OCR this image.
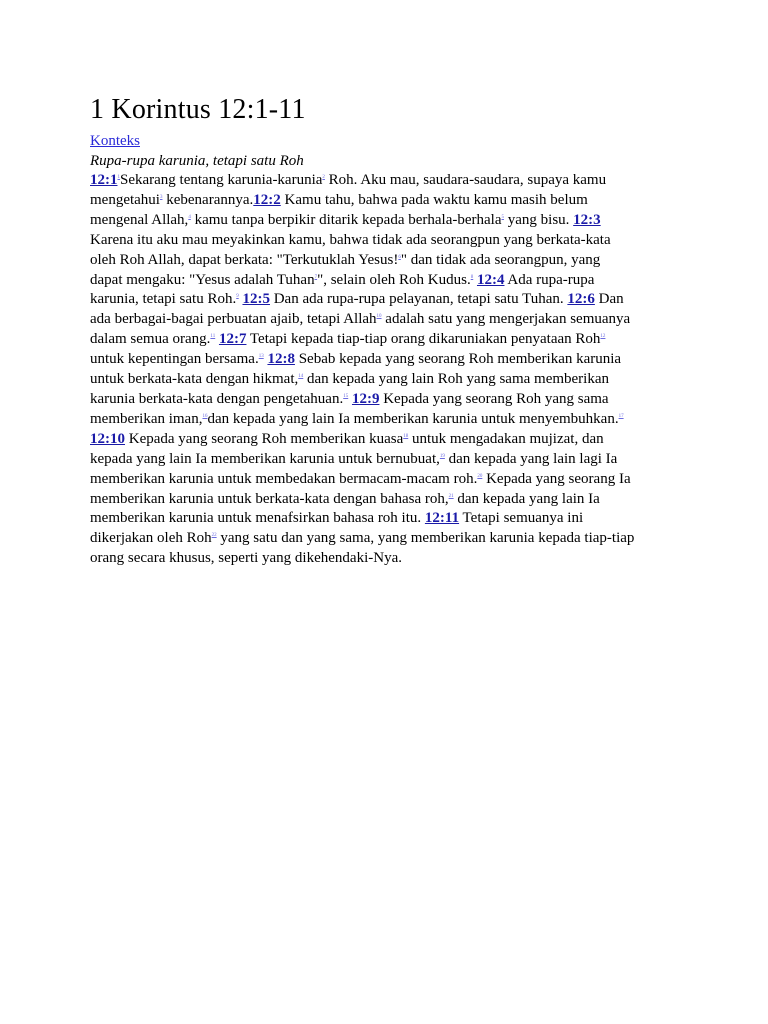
1 Korintus 12:1-11
Konteks
Rupa-rupa karunia, tetapi satu Roh

12:1$^1$Sekarang tentang karunia-karunia$^2$ Roh. Aku mau, saudara-saudara, supaya kamu mengetahui$^3$ kebenarannya.12:2 Kamu tahu, bahwa pada waktu kamu masih belum mengenal Allah,$^4$ kamu tanpa berpikir ditarik kepada berhala-berhala$^5$ yang bisu. 12:3 Karena itu aku mau meyakinkan kamu, bahwa tidak ada seorangpun yang berkata-kata oleh Roh Allah, dapat berkata: "Terkutuklah Yesus!$^6$" dan tidak ada seorangpun, yang dapat mengaku: "Yesus adalah Tuhan$^7$", selain oleh Roh Kudus.$^8$ 12:4 Ada rupa-rupa karunia, tetapi satu Roh.$^9$ 12:5 Dan ada rupa-rupa pelayanan, tetapi satu Tuhan. 12:6 Dan ada berbagai-bagai perbuatan ajaib, tetapi Allah$^{10}$ adalah satu yang mengerjakan semuanya dalam semua orang.$^{11}$ 12:7 Tetapi kepada tiap-tiap orang dikaruniakan penyataan Roh$^{12}$ untuk kepentingan bersama.$^{13}$ 12:8 Sebab kepada yang seorang Roh memberikan karunia untuk berkata-kata dengan hikmat,$^{14}$ dan kepada yang lain Roh yang sama memberikan karunia berkata-kata dengan pengetahuan.$^{15}$ 12:9 Kepada yang seorang Roh yang sama memberikan iman,$^{16}$dan kepada yang lain Ia memberikan karunia untuk menyembuhkan.$^{17}$ 12:10 Kepada yang seorang Roh memberikan kuasa$^{18}$ untuk mengadakan mujizat, dan kepada yang lain Ia memberikan karunia untuk bernubuat,$^{19}$ dan kepada yang lain lagi Ia memberikan karunia untuk membedakan bermacam-macam roh.$^{20}$ Kepada yang seorang Ia memberikan karunia untuk berkata-kata dengan bahasa roh,$^{21}$ dan kepada yang lain Ia memberikan karunia untuk menafsirkan bahasa roh itu. 12:11 Tetapi semuanya ini dikerjakan oleh Roh$^{22}$ yang satu dan yang sama, yang memberikan karunia kepada tiap-tiap orang secara khusus, seperti yang dikehendaki-Nya.
